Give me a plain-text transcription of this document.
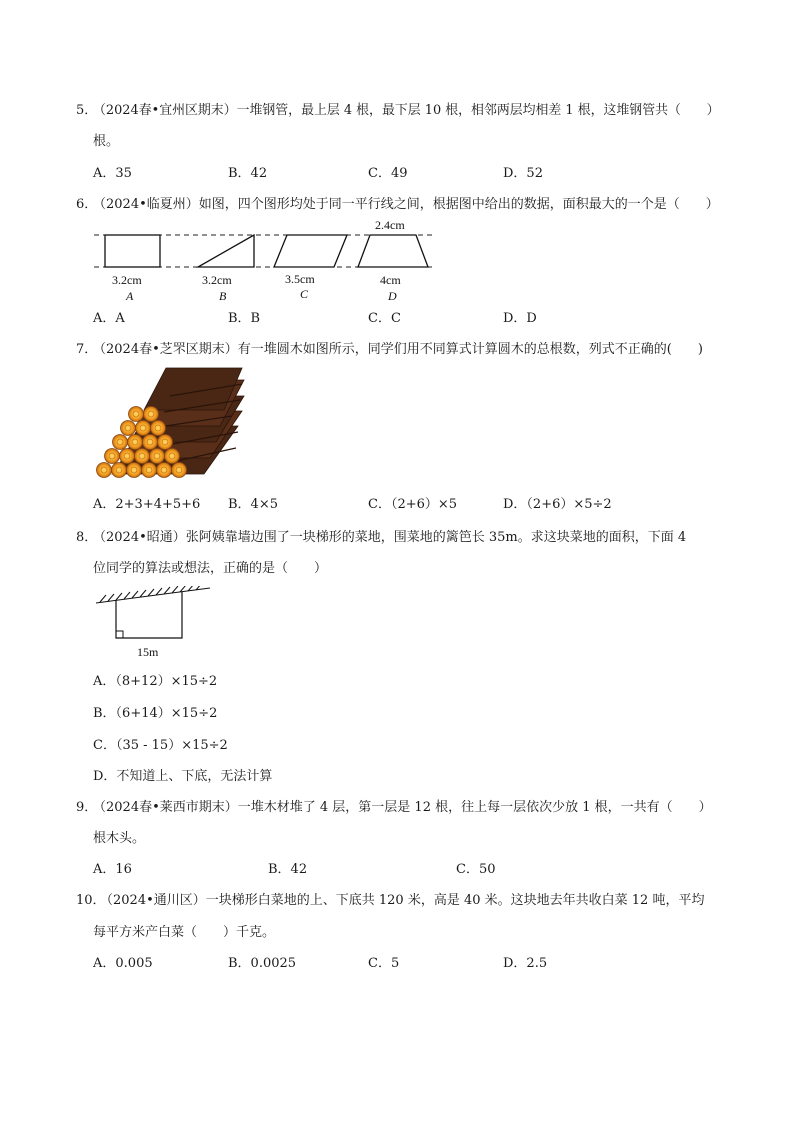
5．
（2024春•宜州区期末）一堆钢管，最上层 4 根，最下层 10 根，相邻两层均相差 1 根，这堆钢管共（　　）
根。
A．35	B．42	C．49	D．52
6．
（2024•临夏州）如图，四个图形均处于同一平行线之间，根据图中给出的数据，面积最大的一个是（　　）
2.4cm
3.2cm	3.2cm	3.5cm	4cm
A	B	C	D
A．A	B．B	C．C	D．D
7．
（2024春•芝罘区期末）有一堆圆木如图所示，同学们用不同算式计算圆木的总根数，列式不正确的(　　)
A．2+3+4+5+6 B．4×5	C．（2+6）×5	D．（2+6）×5÷2
8．
（2024•昭通）张阿姨靠墙边围了一块梯形的菜地，围菜地的篱笆长 35m。求这块菜地的面积，下面 4
位同学的算法或想法，正确的是（　　）
15m
A．（8+12）×15÷2
B．（6+14）×15÷2
C．（35 - 15）×15÷2
D．不知道上、下底，无法计算
9．
（2024春•莱西市期末）一堆木材堆了 4 层，第一层是 12 根，往上每一层依次少放 1 根，一共有（　　）
根木头。
A．16	B．42	C．50
10．
（2024•通川区）一块梯形白菜地的上、下底共 120 米，高是 40 米。这块地去年共收白菜 12 吨，平均
每平方米产白菜（　　）千克。
A．0.005	B．0.0025	C．5	D．2.5
